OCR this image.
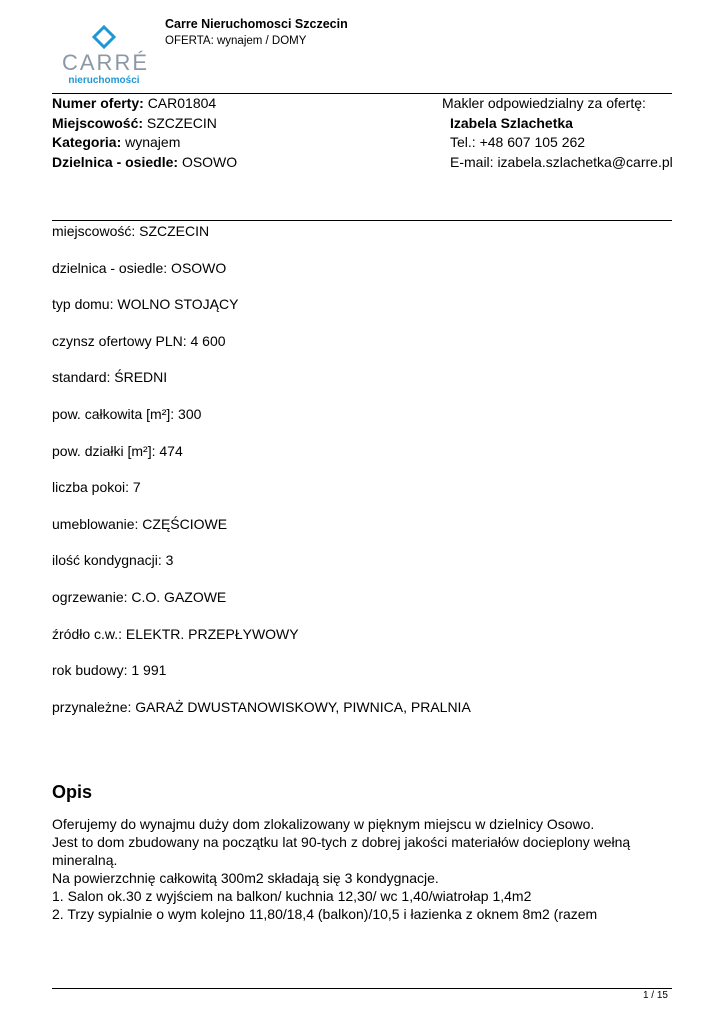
CARRÉ
nieruchomości
Carre Nieruchomosci Szczecin
OFERTA: wynajem / DOMY
Numer oferty: CAR01804
Miejscowość: SZCZECIN
Kategoria: wynajem
Dzielnica - osiedle: OSOWO
Makler odpowiedzialny za ofertę:
Izabela Szlachetka
Tel.: +48 607 105 262
E-mail: izabela.szlachetka@carre.pl
miejscowość: SZCZECIN
dzielnica - osiedle: OSOWO
typ domu: WOLNO STOJĄCY
czynsz ofertowy PLN: 4 600
standard: ŚREDNI
pow. całkowita [m²]: 300
pow. działki [m²]: 474
liczba pokoi: 7
umeblowanie: CZĘŚCIOWE
ilość kondygnacji: 3
ogrzewanie: C.O. GAZOWE
źródło c.w.: ELEKTR. PRZEPŁYWOWY
rok budowy: 1 991
przynależne: GARAŻ DWUSTANOWISKOWY, PIWNICA, PRALNIA
Opis
Oferujemy do wynajmu duży dom zlokalizowany w pięknym miejscu w dzielnicy Osowo.
Jest to dom zbudowany na początku lat 90-tych z dobrej jakości materiałów docieplony wełną
mineralną.
Na powierzchnię całkowitą 300m2 składają się 3 kondygnacje.
1. Salon ok.30 z wyjściem na balkon/ kuchnia 12,30/ wc 1,40/wiatrołap 1,4m2
2. Trzy sypialnie o wym kolejno 11,80/18,4 (balkon)/10,5 i łazienka z oknem 8m2 (razem
1 / 15
